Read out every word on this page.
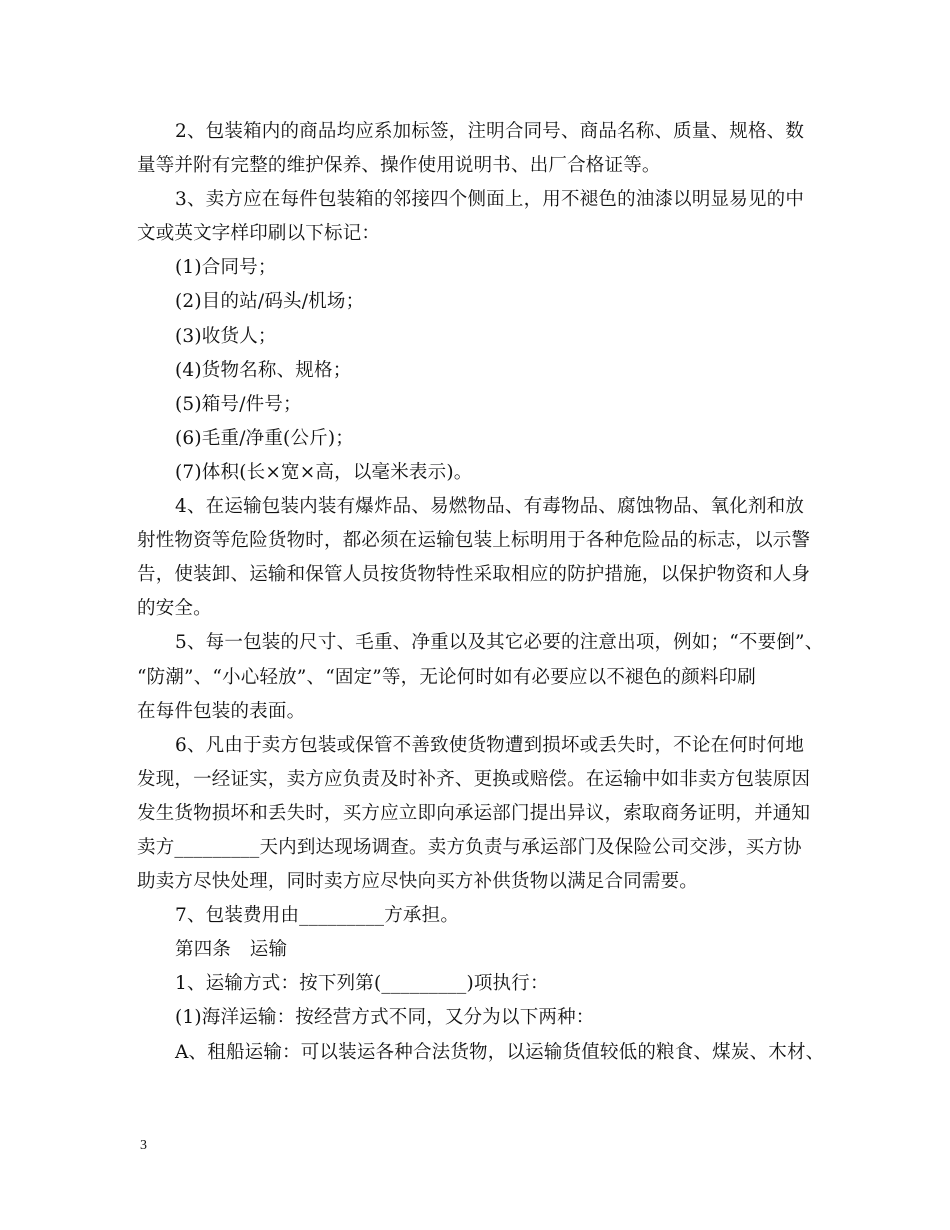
2、包装箱内的商品均应系加标签，注明合同号、商品名称、质量、规格、数
量等并附有完整的维护保养、操作使用说明书、出厂合格证等。
3、卖方应在每件包装箱的邻接四个侧面上，用不褪色的油漆以明显易见的中
文或英文字样印刷以下标记：
(1)合同号；
(2)目的站/码头/机场；
(3)收货人；
(4)货物名称、规格；
(5)箱号/件号；
(6)毛重/净重(公斤)；
(7)体积(长×宽×高，以毫米表示)。
4、在运输包装内装有爆炸品、易燃物品、有毒物品、腐蚀物品、氧化剂和放
射性物资等危险货物时，都必须在运输包装上标明用于各种危险品的标志，以示警
告，使装卸、运输和保管人员按货物特性采取相应的防护措施，以保护物资和人身
的安全。
5、每一包装的尺寸、毛重、净重以及其它必要的注意出项，例如；“不要倒”、
“防潮”、“小心轻放”、“固定”等，无论何时如有必要应以不褪色的颜料印刷
在每件包装的表面。
6、凡由于卖方包装或保管不善致使货物遭到损坏或丢失时，不论在何时何地
发现，一经证实，卖方应负责及时补齐、更换或赔偿。在运输中如非卖方包装原因
发生货物损坏和丢失时，买方应立即向承运部门提出异议，索取商务证明，并通知
卖方_________天内到达现场调查。卖方负责与承运部门及保险公司交涉，买方协
助卖方尽快处理，同时卖方应尽快向买方补供货物以满足合同需要。
7、包装费用由_________方承担。
第四条　运输
1、运输方式：按下列第(_________)项执行：
(1)海洋运输：按经营方式不同，又分为以下两种：
A、租船运输：可以装运各种合法货物，以运输货值较低的粮食、煤炭、木材、
3
